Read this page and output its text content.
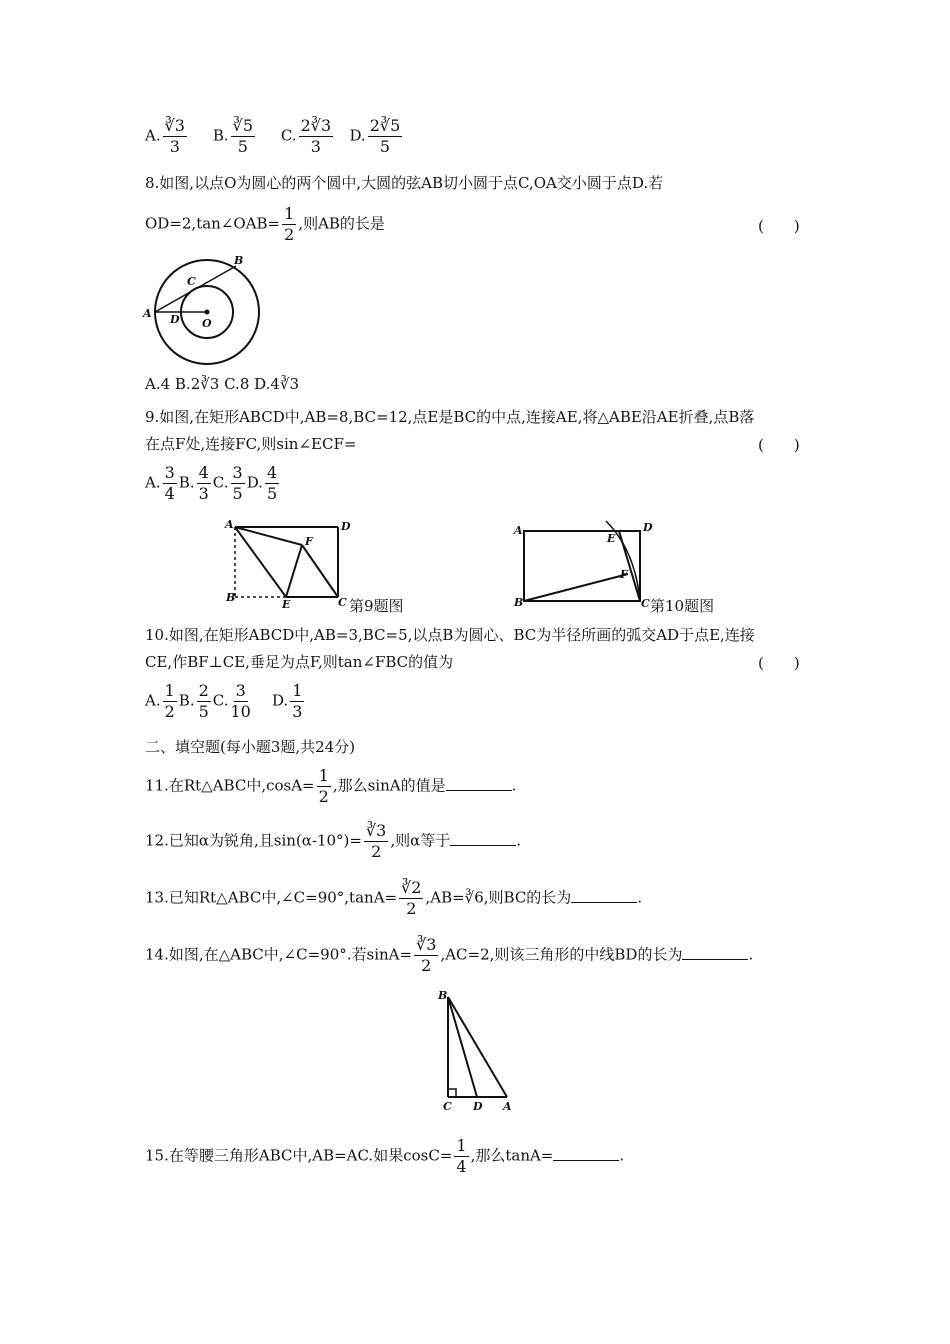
A. $\frac{∛3}{3} B$. $\frac{∛5}{5} C$. $\frac{2∛3}{3} D$. $\frac{2∛5}{5}$
8.如图,以点O为圆心的两个圆中,大圆的弦AB切小圆于点C,OA交小圆于点D.若
OD=2,tan∠OAB= $\frac{1}{2}$ ,则AB的长是	(　　)
A
B
C
D O
A.4 B.2∛3 C.8 D.4∛3
9.如图,在矩形ABCD中,AB=8,BC=12,点E是BC的中点,连接AE,将△ABE沿AE折叠,点B落
在点F处,连接FC,则sin∠ECF=	(　　)
A. $\frac{3}{4} B$. $\frac{4}{3} C$. $\frac{3}{5} D$. $\frac{4}{5}$
A	D
B
E	C
F
第9题图
A	D
B	C
E
F
第10题图
10.如图,在矩形ABCD中,AB=3,BC=5,以点B为圆心、BC为半径所画的弧交AD于点E,连接
CE,作BF⊥CE,垂足为点F,则tan∠FBC的值为	(　　)
A. $\frac{1}{2} B$. $\frac{2}{5} C$. $\frac{3}{10} D$. $\frac{1}{3}$
二、填空题(每小题3题,共24分)
11.在Rt△ABC中$,\cos A= \frac{1}{2}$ ,那么sinA的值是	.
12.已知α为锐角,且$\sin(\alpha-10^\circ)= \frac{∛3}{2}$ ,则α等于	.
13.已知Rt△ABC中,∠C=90°,tanA= $\frac{∛2}{2}$ ,AB=∛6,则BC的长为	.
14.如图,在△ABC中,∠C=90°.若$\sin A= \frac{∛3}{2} ,AC=2$,则该三角形的中线BD的长为	.
B
C D A
15.在等腰三角形ABC中,AB=AC.如果$\cos C= \frac{1}{4}$ ,那么tanA=	.
